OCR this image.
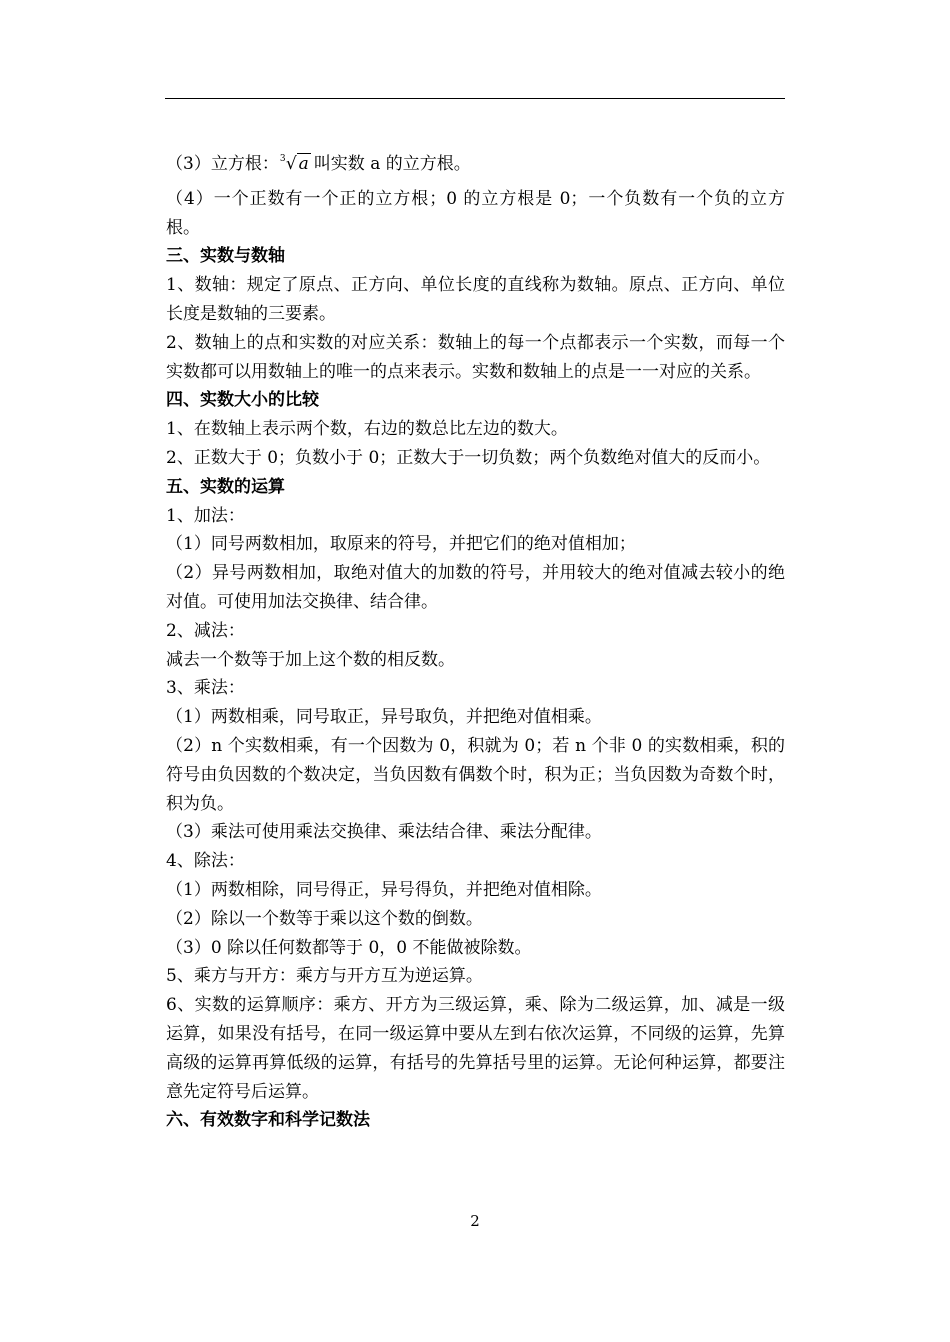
（3）立方根： 3 √ a 叫实数 a 的立方根。

（4）一个正数有一个正的立方根；0 的立方根是 0；一个负数有一个负的立方根。

三、实数与数轴

1、数轴：规定了原点、正方向、单位长度的直线称为数轴。原点、正方向、单位长度是数轴的三要素。

2、数轴上的点和实数的对应关系：数轴上的每一个点都表示一个实数，而每一个实数都可以用数轴上的唯一的点来表示。实数和数轴上的点是一一对应的关系。

四、实数大小的比较

1、在数轴上表示两个数，右边的数总比左边的数大。

2、正数大于 0；负数小于 0；正数大于一切负数；两个负数绝对值大的反而小。

五、实数的运算

1、加法：

（1）同号两数相加，取原来的符号，并把它们的绝对值相加；

（2）异号两数相加，取绝对值大的加数的符号，并用较大的绝对值减去较小的绝对值。可使用加法交换律、结合律。

2、减法：

减去一个数等于加上这个数的相反数。

3、乘法：

（1）两数相乘，同号取正，异号取负，并把绝对值相乘。

（2）n 个实数相乘，有一个因数为 0，积就为 0；若 n 个非 0 的实数相乘，积的符号由负因数的个数决定，当负因数有偶数个时，积为正；当负因数为奇数个时，积为负。

（3）乘法可使用乘法交换律、乘法结合律、乘法分配律。

4、除法：

（1）两数相除，同号得正，异号得负，并把绝对值相除。

（2）除以一个数等于乘以这个数的倒数。

（3）0 除以任何数都等于 0，0 不能做被除数。

5、乘方与开方：乘方与开方互为逆运算。

6、实数的运算顺序：乘方、开方为三级运算，乘、除为二级运算，加、减是一级运算，如果没有括号，在同一级运算中要从左到右依次运算，不同级的运算，先算高级的运算再算低级的运算，有括号的先算括号里的运算。无论何种运算，都要注意先定符号后运算。

六、有效数字和科学记数法

2
